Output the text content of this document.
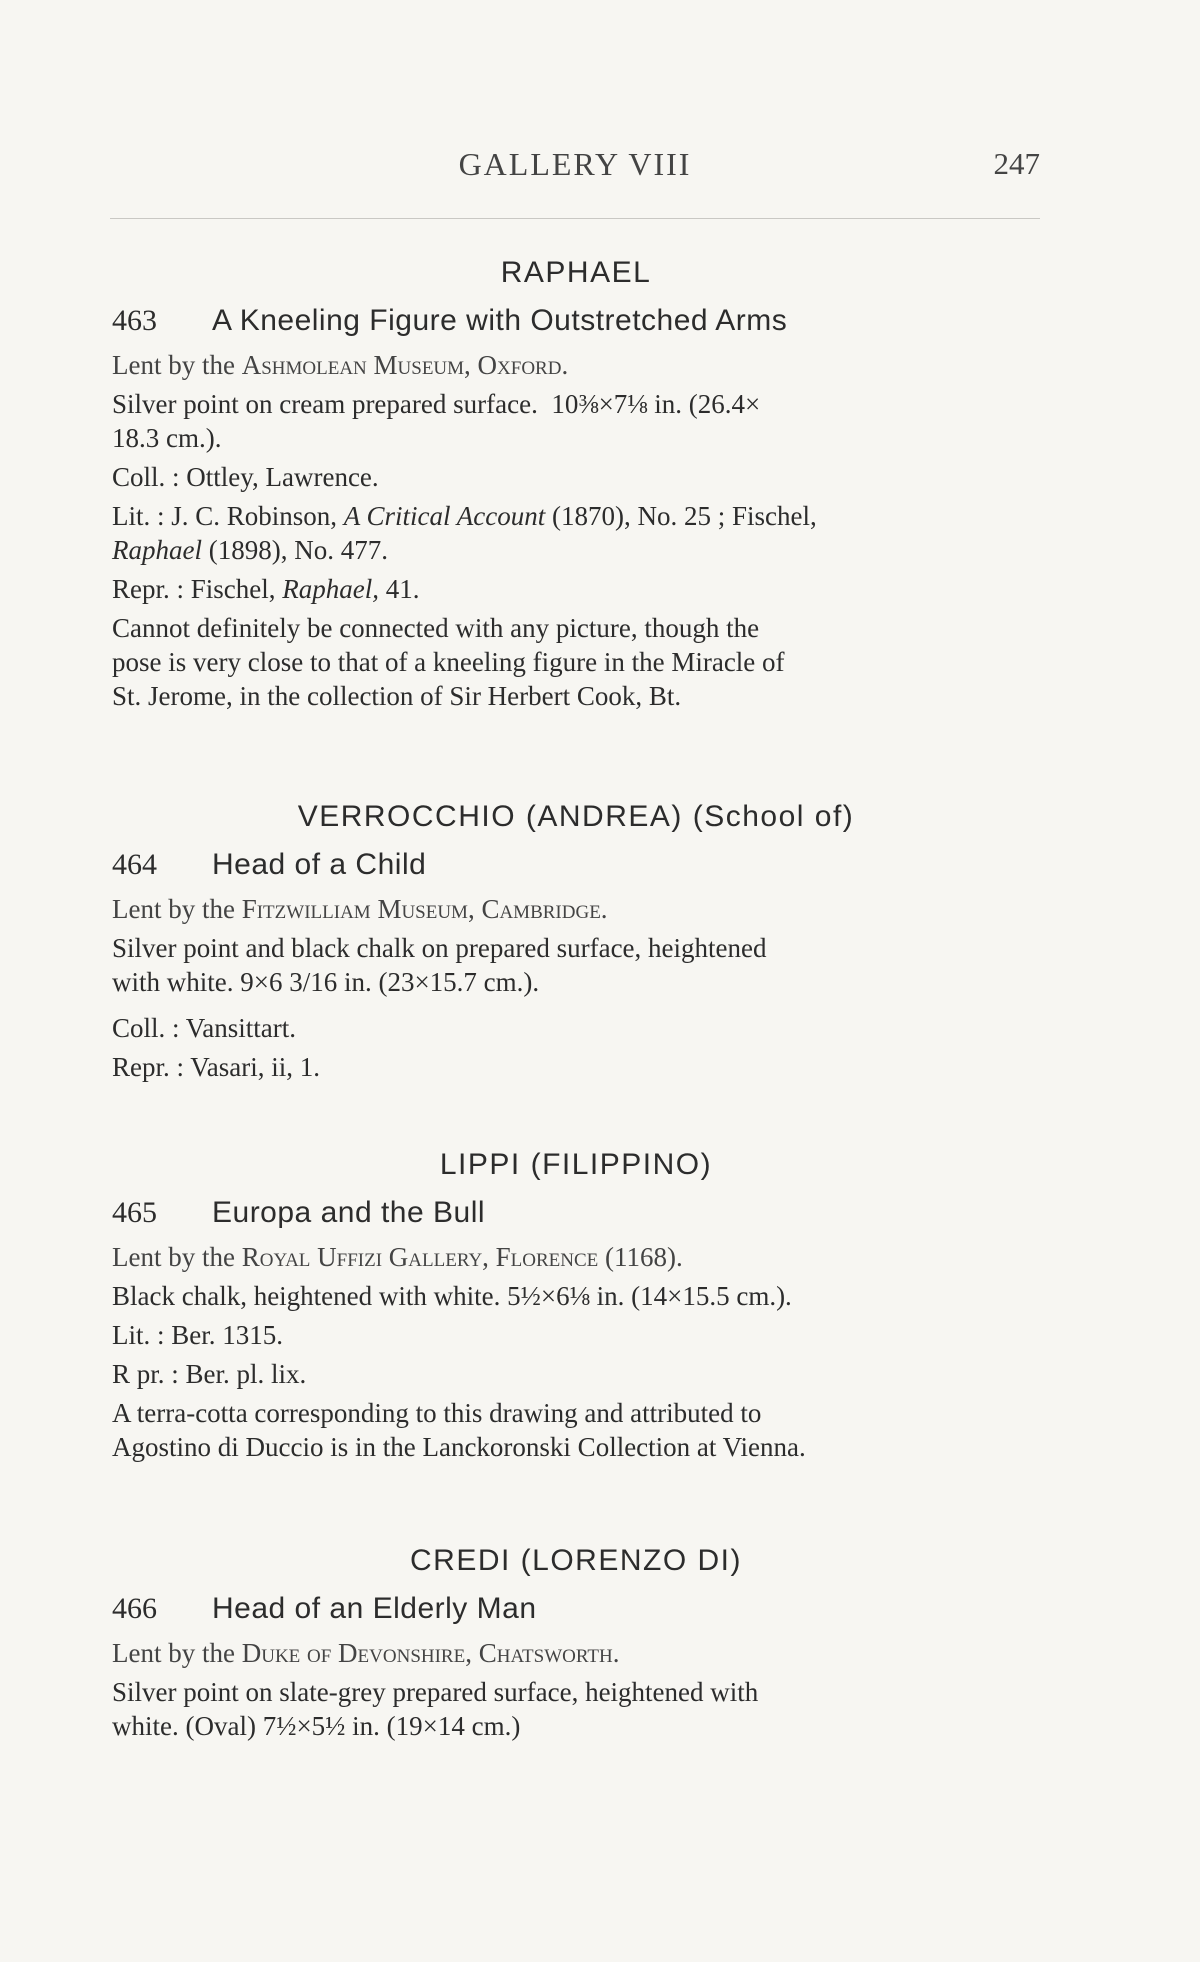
GALLERY VIII	247
RAPHAEL
463	A Kneeling Figure with Outstretched Arms

Lent by the Ashmolean Museum, Oxford.

Silver point on cream prepared surface. 10⅜×7⅛ in. (26.4×

18.3 cm.).

Coll. : Ottley, Lawrence.

Lit. : J. C. Robinson, A Critical Account (1870), No. 25 ; Fischel,

Raphael (1898), No. 477.

Repr. : Fischel, Raphael, 41.

Cannot definitely be connected with any picture, though the

pose is very close to that of a kneeling figure in the Miracle of

St. Jerome, in the collection of Sir Herbert Cook, Bt.

VERROCCHIO (ANDREA) (School of)
464	Head of a Child

Lent by the Fitzwilliam Museum, Cambridge.

Silver point and black chalk on prepared surface, heightened

with white. 9×6 3/16 in. (23×15.7 cm.).

Coll. : Vansittart.

Repr. : Vasari, ii, 1.

LIPPI (FILIPPINO)
465	Europa and the Bull

Lent by the Royal Uffizi Gallery, Florence (1168).

Black chalk, heightened with white. 5½×6⅛ in. (14×15.5 cm.).

Lit. : Ber. 1315.

R pr. : Ber. pl. lix.

A terra-cotta corresponding to this drawing and attributed to

Agostino di Duccio is in the Lanckoronski Collection at Vienna.

CREDI (LORENZO DI)
466	Head of an Elderly Man

Lent by the Duke of Devonshire, Chatsworth.

Silver point on slate-grey prepared surface, heightened with

white. (Oval) 7½×5½ in. (19×14 cm.)
